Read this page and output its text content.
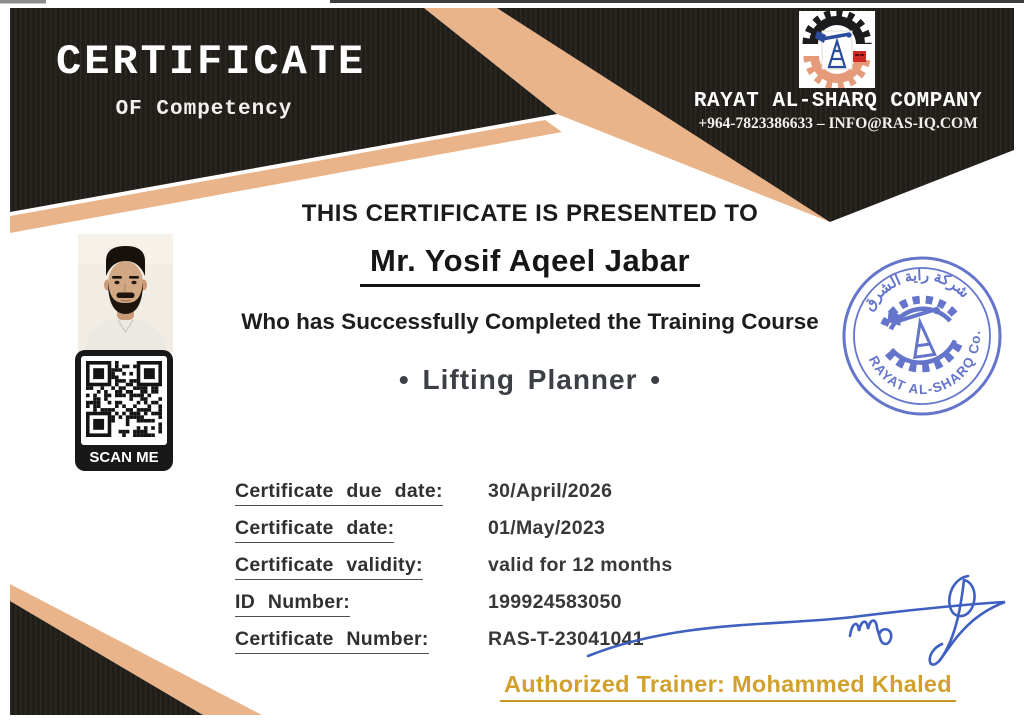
CERTIFICATE
OF Competency	RAYAT AL-SHARQ COMPANY
+964-7823386633 – INFO@RAS-IQ.COM
THIS CERTIFICATE IS PRESENTED TO
Mr. Yosif Aqeel Jabar
Who has Successfully Completed the Training Course
• Lifting Planner •
SCAN ME
شركة راية الشرق
RAYAT AL-SHARQ Co.
Certificate due date: 30/April/2026
Certificate date:	01/May/2023
Certificate validity:	valid for 12 months
ID Number:	199924583050
Certificate Number:	RAS-T-23041041
Authorized Trainer: Mohammed Khaled
